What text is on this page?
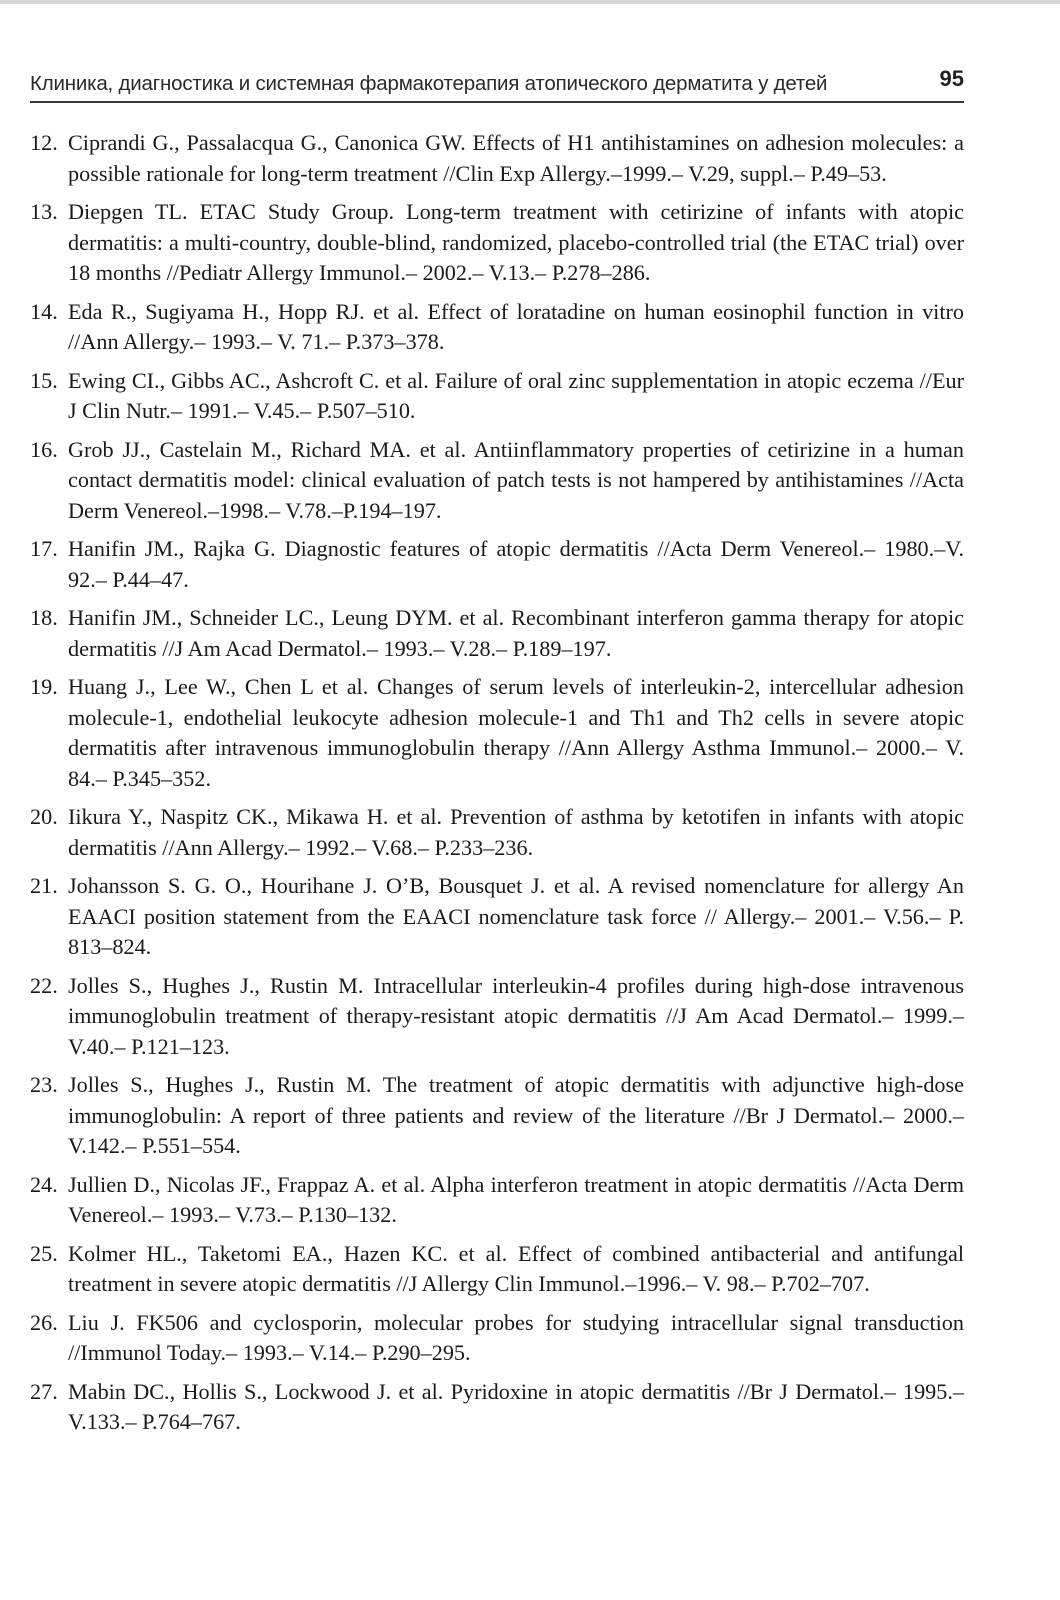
Клиника, диагностика и системная фармакотерапия атопического дерматита у детей	95
12. Ciprandi G., Passalacqua G., Canonica GW. Effects of H1 antihistamines on adhesion molecules: a possible rationale for long-term treatment //Clin Exp Allergy.–1999.– V.29, suppl.– P.49–53.
13. Diepgen TL. ETAC Study Group. Long-term treatment with cetirizine of infants with atopic dermatitis: a multi-country, double-blind, randomized, placebo-controlled trial (the ETAC trial) over 18 months //Pediatr Allergy Immunol.– 2002.– V.13.– P.278–286.
14. Eda R., Sugiyama H., Hopp RJ. et al. Effect of loratadine on human eosinophil function in vitro //Ann Allergy.– 1993.– V. 71.– P.373–378.
15. Ewing CI., Gibbs AC., Ashcroft C. et al. Failure of oral zinc supplementation in atopic eczema //Eur J Clin Nutr.– 1991.– V.45.– P.507–510.
16. Grob JJ., Castelain M., Richard MA. et al. Antiinflammatory properties of cetirizine in a human contact dermatitis model: clinical evaluation of patch tests is not hampered by antihistamines //Acta Derm Venereol.–1998.– V.78.–P.194–197.
17. Hanifin JM., Rajka G. Diagnostic features of atopic dermatitis //Acta Derm Venereol.– 1980.–V. 92.– P.44–47.
18. Hanifin JM., Schneider LC., Leung DYM. et al. Recombinant interferon gamma therapy for atopic dermatitis //J Am Acad Dermatol.– 1993.– V.28.– P.189–197.
19. Huang J., Lee W., Chen L et al. Changes of serum levels of interleukin-2, intercellular adhesion molecule-1, endothelial leukocyte adhesion molecule-1 and Th1 and Th2 cells in severe atopic dermatitis after intravenous immunoglobulin therapy //Ann Allergy Asthma Immunol.– 2000.– V. 84.– P.345–352.
20. Iikura Y., Naspitz CK., Mikawa H. et al. Prevention of asthma by ketotifen in infants with atopic dermatitis //Ann Allergy.– 1992.– V.68.– P.233–236.
21. Johansson S. G. O., Hourihane J. O’B, Bousquet J. et al. A revised nomenclature for allergy An EAACI position statement from the EAACI nomenclature task force // Allergy.– 2001.– V.56.– P. 813–824.
22. Jolles S., Hughes J., Rustin M. Intracellular interleukin-4 profiles during high-dose intravenous immunoglobulin treatment of therapy-resistant atopic dermatitis //J Am Acad Dermatol.– 1999.– V.40.– P.121–123.
23. Jolles S., Hughes J., Rustin M. The treatment of atopic dermatitis with adjunctive high-dose immunoglobulin: A report of three patients and review of the literature //Br J Dermatol.– 2000.– V.142.– P.551–554.
24. Jullien D., Nicolas JF., Frappaz A. et al. Alpha interferon treatment in atopic dermatitis //Acta Derm Venereol.– 1993.– V.73.– P.130–132.
25. Kolmer HL., Taketomi EA., Hazen KC. et al. Effect of combined antibacterial and antifungal treatment in severe atopic dermatitis //J Allergy Clin Immunol.–1996.– V. 98.– P.702–707.
26. Liu J. FK506 and cyclosporin, molecular probes for studying intracellular signal transduction //Immunol Today.– 1993.– V.14.– P.290–295.
27. Mabin DC., Hollis S., Lockwood J. et al. Pyridoxine in atopic dermatitis //Br J Dermatol.– 1995.– V.133.– P.764–767.
